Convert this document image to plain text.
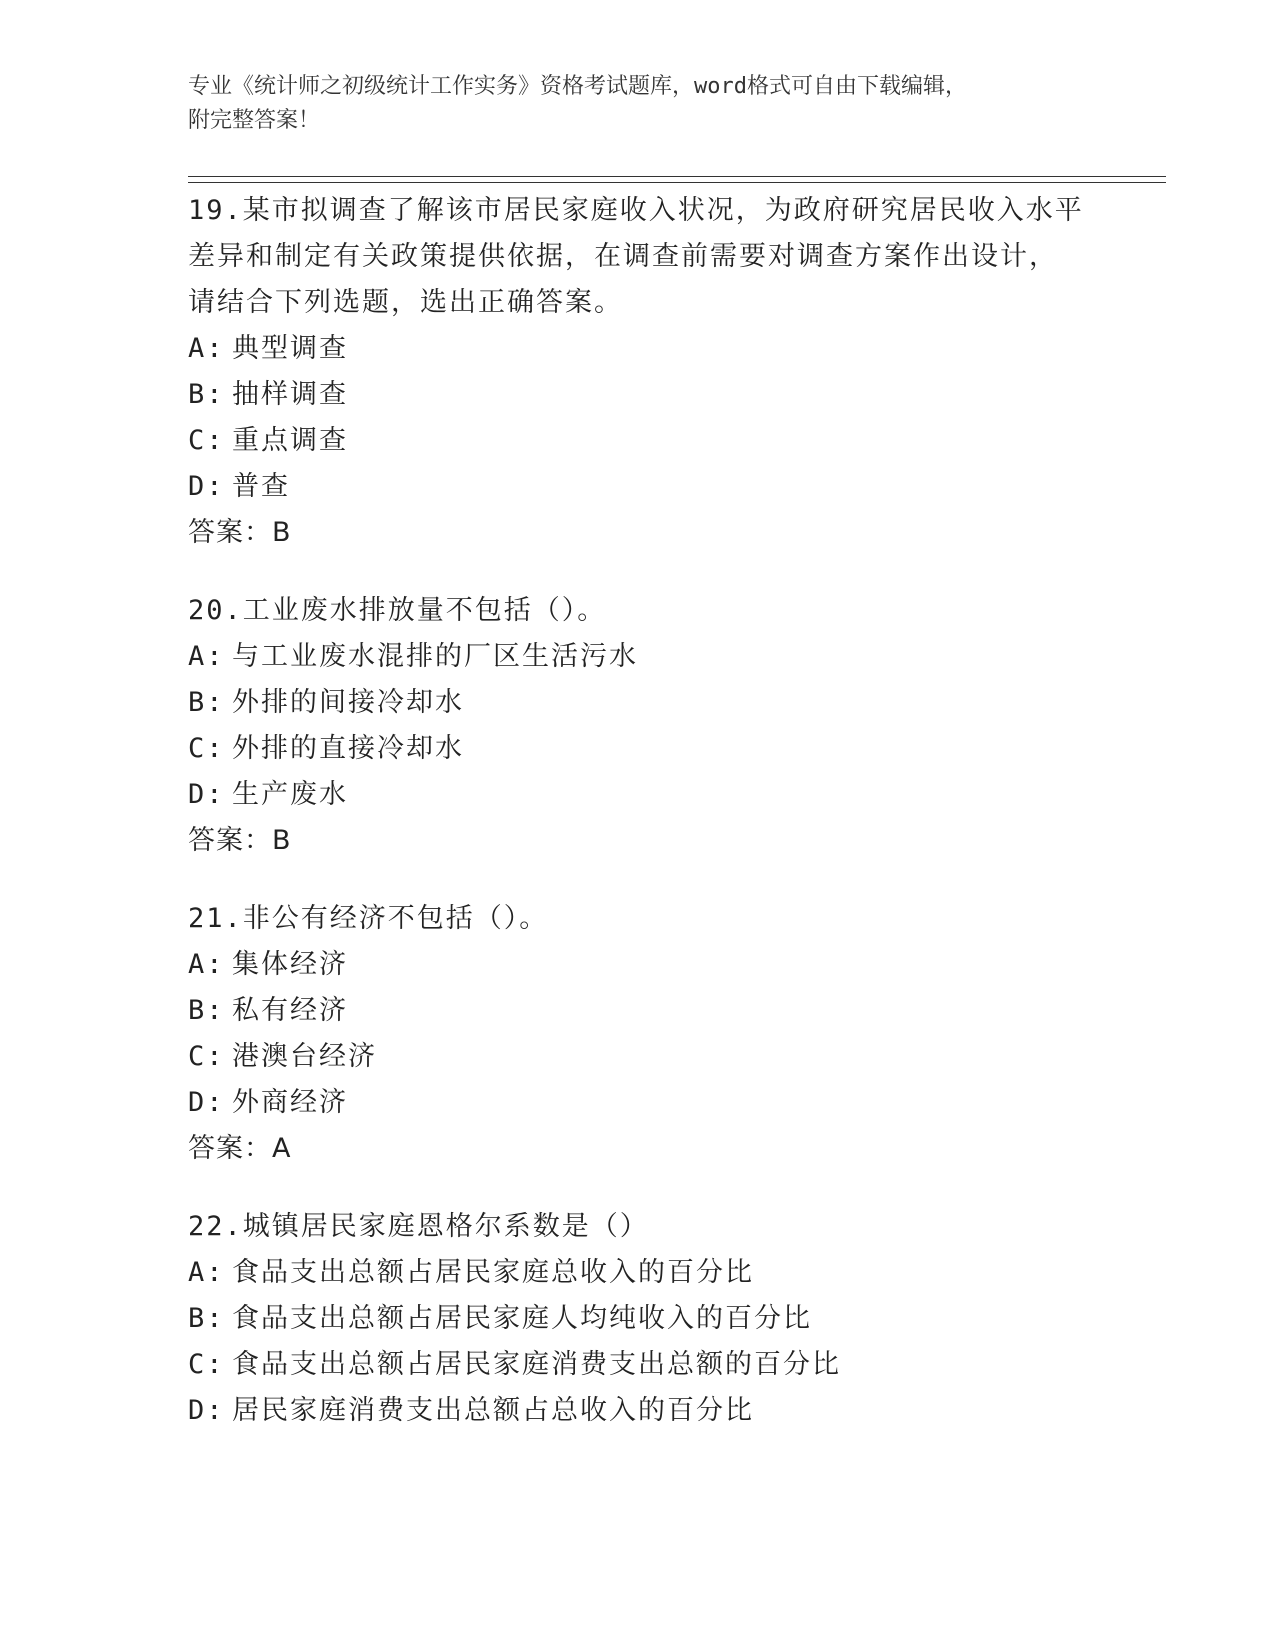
专业《统计师之初级统计工作实务》资格考试题库，word格式可自由下载编辑，
附完整答案！
19.某市拟调查了解该市居民家庭收入状况，为政府研究居民收入水平
差异和制定有关政策提供依据，在调查前需要对调查方案作出设计，
请结合下列选题，选出正确答案。
A: 典型调查
B: 抽样调查
C: 重点调查
D: 普查
答案：B
20.工业废水排放量不包括（）。
A: 与工业废水混排的厂区生活污水
B: 外排的间接冷却水
C: 外排的直接冷却水
D: 生产废水
答案：B
21.非公有经济不包括（）。
A: 集体经济
B: 私有经济
C: 港澳台经济
D: 外商经济
答案：A
22.城镇居民家庭恩格尔系数是（）
A: 食品支出总额占居民家庭总收入的百分比
B: 食品支出总额占居民家庭人均纯收入的百分比
C: 食品支出总额占居民家庭消费支出总额的百分比
D: 居民家庭消费支出总额占总收入的百分比
